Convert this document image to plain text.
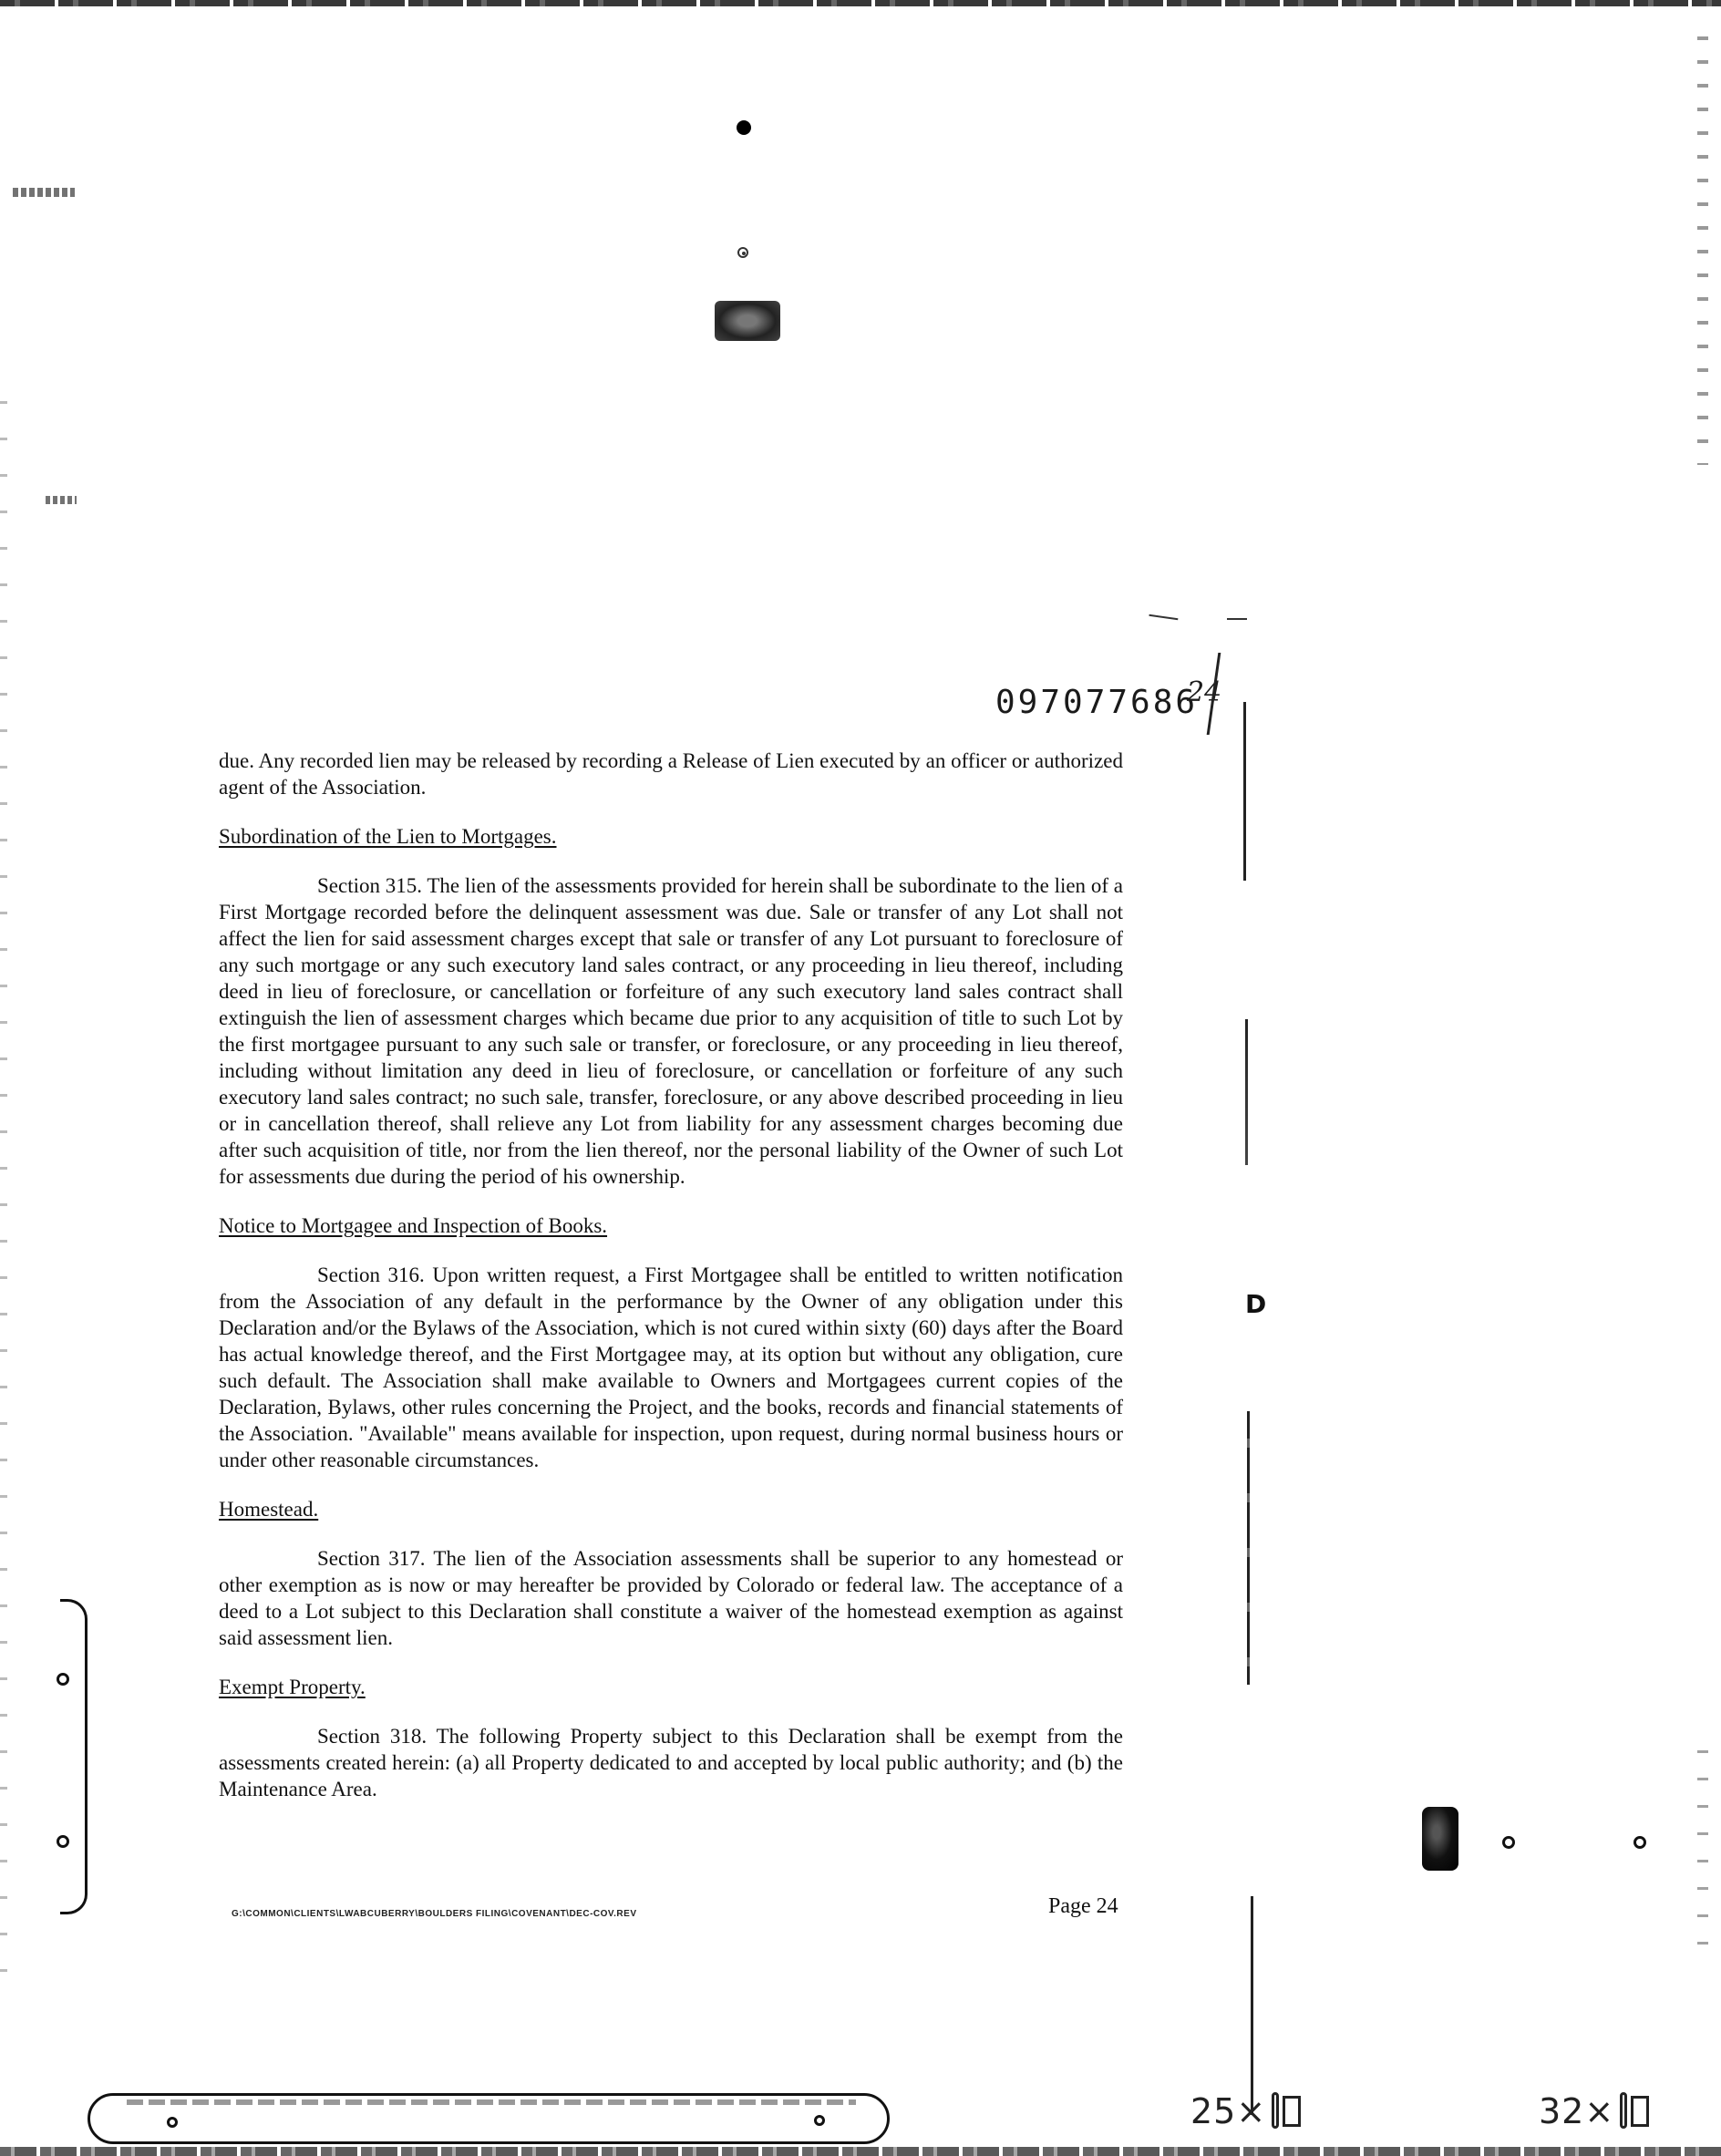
25×	32×
D
097077686
24

due. Any recorded lien may be released by recording a Release of Lien executed by an officer or authorized agent of the Association.

Subordination of the Lien to Mortgages.

Section 315. The lien of the assessments provided for herein shall be subordinate to the lien of a First Mortgage recorded before the delinquent assessment was due. Sale or transfer of any Lot shall not affect the lien for said assessment charges except that sale or transfer of any Lot pursuant to foreclosure of any such mortgage or any such executory land sales contract, or any proceeding in lieu thereof, including deed in lieu of foreclosure, or cancellation or forfeiture of any such executory land sales contract shall extinguish the lien of assessment charges which became due prior to any acquisition of title to such Lot by the first mortgagee pursuant to any such sale or transfer, or foreclosure, or any proceeding in lieu thereof, including without limitation any deed in lieu of foreclosure, or cancellation or forfeiture of any such executory land sales contract; no such sale, transfer, foreclosure, or any above described proceeding in lieu or in cancellation thereof, shall relieve any Lot from liability for any assessment charges becoming due after such acquisition of title, nor from the lien thereof, nor the personal liability of the Owner of such Lot for assessments due during the period of his ownership.

Notice to Mortgagee and Inspection of Books.

Section 316. Upon written request, a First Mortgagee shall be entitled to written notification from the Association of any default in the performance by the Owner of any obligation under this Declaration and/or the Bylaws of the Association, which is not cured within sixty (60) days after the Board has actual knowledge thereof, and the First Mortgagee may, at its option but without any obligation, cure such default. The Association shall make available to Owners and Mortgagees current copies of the Declaration, Bylaws, other rules concerning the Project, and the books, records and financial statements of the Association. "Available" means available for inspection, upon request, during normal business hours or under other reasonable circumstances.

Homestead.

Section 317. The lien of the Association assessments shall be superior to any homestead or other exemption as is now or may hereafter be provided by Colorado or federal law. The acceptance of a deed to a Lot subject to this Declaration shall constitute a waiver of the homestead exemption as against said assessment lien.

Exempt Property.

Section 318. The following Property subject to this Declaration shall be exempt from the assessments created herein: (a) all Property dedicated to and accepted by local public authority; and (b) the Maintenance Area.

G:\COMMON\CLIENTS\LWABCUBERRY\BOULDERS FILING\COVENANT\DEC-COV.REV	Page 24
